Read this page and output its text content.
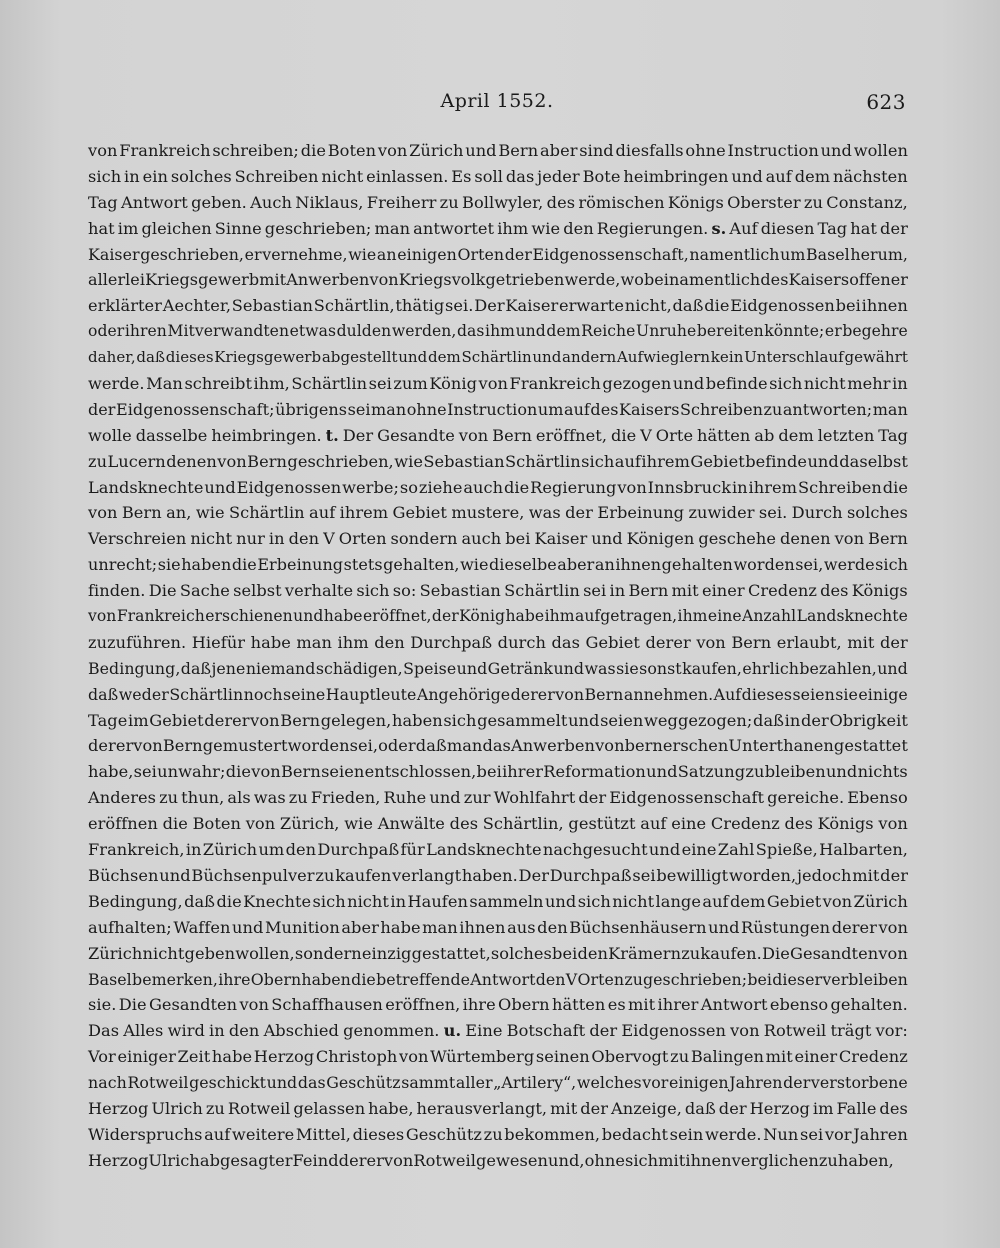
April 1552.	623
von Frankreich schreiben; die Boten von Zürich und Bern aber sind diesfalls ohne Instruction und wollen
sich in ein solches Schreiben nicht einlassen. Es soll das jeder Bote heimbringen und auf dem nächsten
Tag Antwort geben. Auch Niklaus, Freiherr zu Bollwyler, des römischen Königs Oberster zu Constanz,
hat im gleichen Sinne geschrieben; man antwortet ihm wie den Regierungen. s. Auf diesen Tag hat der
Kaiser geschrieben, er vernehme, wie an einigen Orten der Eidgenossenschaft, namentlich um Basel herum,
allerlei Kriegsgewerb mit Anwerben von Kriegsvolk getrieben werde, wobei namentlich des Kaisers offener
erklärter Aechter, Sebastian Schärtlin, thätig sei. Der Kaiser erwarte nicht, daß die Eidgenossen bei ihnen
oder ihren Mitverwandten etwas dulden werden, das ihm und dem Reiche Unruhe bereiten könnte; er begehre
daher, daß dieses Kriegsgewerb abgestellt und dem Schärtlin und andern Aufwieglern kein Unterschlauf gewährt
werde. Man schreibt ihm, Schärtlin sei zum König von Frankreich gezogen und befinde sich nicht mehr in
der Eidgenossenschaft; übrigens sei man ohne Instruction um auf des Kaisers Schreiben zu antworten; man
wolle dasselbe heimbringen. t. Der Gesandte von Bern eröffnet, die V Orte hätten ab dem letzten Tag
zu Lucern denen von Bern geschrieben, wie Sebastian Schärtlin sich auf ihrem Gebiet befinde und daselbst
Landsknechte und Eidgenossen werbe; so ziehe auch die Regierung von Innsbruck in ihrem Schreiben die
von Bern an, wie Schärtlin auf ihrem Gebiet mustere, was der Erbeinung zuwider sei. Durch solches
Verschreien nicht nur in den V Orten sondern auch bei Kaiser und Königen geschehe denen von Bern
unrecht; sie haben die Erbeinung stets gehalten, wie dieselbe aber an ihnen gehalten worden sei, werde sich
finden. Die Sache selbst verhalte sich so: Sebastian Schärtlin sei in Bern mit einer Credenz des Königs
von Frankreich erschienen und habe eröffnet, der König habe ihm aufgetragen, ihm eine Anzahl Landsknechte
zuzuführen. Hiefür habe man ihm den Durchpaß durch das Gebiet derer von Bern erlaubt, mit der
Bedingung, daß jene niemand schädigen, Speise und Getränk und was sie sonst kaufen, ehrlich bezahlen, und
daß weder Schärtlin noch seine Hauptleute Angehörige derer von Bern annehmen. Auf dieses seien sie einige
Tage im Gebiet derer von Bern gelegen, haben sich gesammelt und seien weggezogen; daß in der Obrigkeit
derer von Bern gemustert worden sei, oder daß man das Anwerben von bernerschen Unterthanen gestattet
habe, sei unwahr; die von Bern seien entschlossen, bei ihrer Reformation und Satzung zu bleiben und nichts
Anderes zu thun, als was zu Frieden, Ruhe und zur Wohlfahrt der Eidgenossenschaft gereiche. Ebenso
eröffnen die Boten von Zürich, wie Anwälte des Schärtlin, gestützt auf eine Credenz des Königs von
Frankreich, in Zürich um den Durchpaß für Landsknechte nachgesucht und eine Zahl Spieße, Halbarten,
Büchsen und Büchsenpulver zu kaufen verlangt haben. Der Durchpaß sei bewilligt worden, jedoch mit der
Bedingung, daß die Knechte sich nicht in Haufen sammeln und sich nicht lange auf dem Gebiet von Zürich
aufhalten; Waffen und Munition aber habe man ihnen aus den Büchsenhäusern und Rüstungen derer von
Zürich nicht geben wollen, sondern einzig gestattet, solches bei den Krämern zu kaufen. Die Gesandten von
Basel bemerken, ihre Obern haben die betreffende Antwort den V Orten zugeschrieben; bei dieser verbleiben
sie. Die Gesandten von Schaffhausen eröffnen, ihre Obern hätten es mit ihrer Antwort ebenso gehalten.
Das Alles wird in den Abschied genommen. u. Eine Botschaft der Eidgenossen von Rotweil trägt vor:
Vor einiger Zeit habe Herzog Christoph von Würtemberg seinen Obervogt zu Balingen mit einer Credenz
nach Rotweil geschickt und das Geschütz sammt aller „Artilery“, welches vor einigen Jahren der verstorbene
Herzog Ulrich zu Rotweil gelassen habe, herausverlangt, mit der Anzeige, daß der Herzog im Falle des
Widerspruchs auf weitere Mittel, dieses Geschütz zu bekommen, bedacht sein werde. Nun sei vor Jahren
Herzog Ulrich abgesagter Feind derer von Rotweil gewesen und, ohne sich mit ihnen verglichen zu haben,
